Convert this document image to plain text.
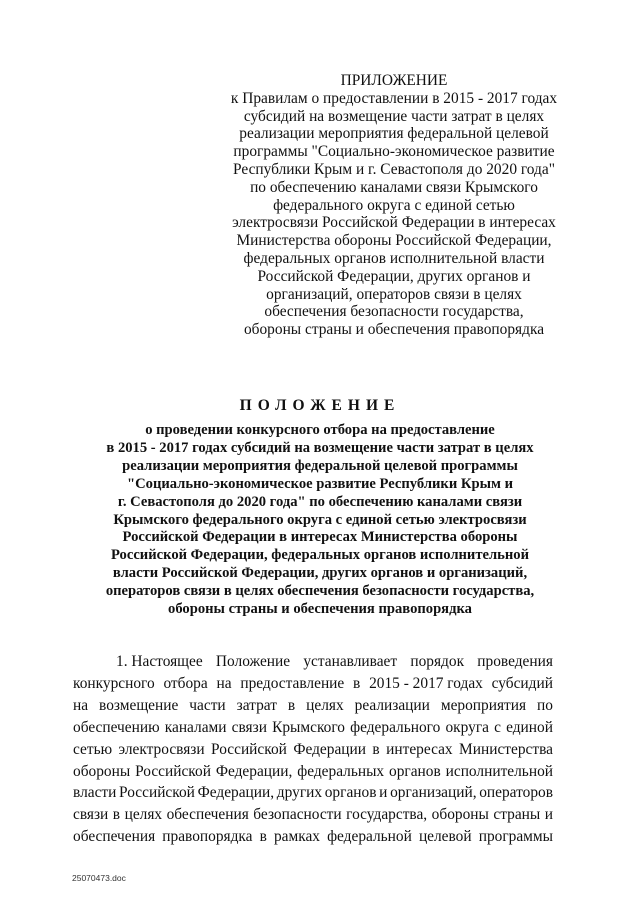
ПРИЛОЖЕНИЕ
к Правилам о предоставлении в 2015 - 2017 годах
субсидий на возмещение части затрат в целях
реализации мероприятия федеральной целевой
программы "Социально-экономическое развитие
Республики Крым и г. Севастополя до 2020 года"
по обеспечению каналами связи Крымского
федерального округа с единой сетью
электросвязи Российской Федерации в интересах
Министерства обороны Российской Федерации,
федеральных органов исполнительной власти
Российской Федерации, других органов и
организаций, операторов связи в целях
обеспечения безопасности государства,
обороны страны и обеспечения правопорядка
ПОЛОЖЕНИЕ
о проведении конкурсного отбора на предоставление
в 2015 - 2017 годах субсидий на возмещение части затрат в целях
реализации мероприятия федеральной целевой программы
"Социально-экономическое развитие Республики Крым и
г. Севастополя до 2020 года" по обеспечению каналами связи
Крымского федерального округа с единой сетью электросвязи
Российской Федерации в интересах Министерства обороны
Российской Федерации, федеральных органов исполнительной
власти Российской Федерации, других органов и организаций,
операторов связи в целях обеспечения безопасности государства,
обороны страны и обеспечения правопорядка
1. Настоящее Положение устанавливает порядок проведения
конкурсного отбора на предоставление в 2015 - 2017 годах субсидий
на возмещение части затрат в целях реализации мероприятия по
обеспечению каналами связи Крымского федерального округа с единой
сетью электросвязи Российской Федерации в интересах Министерства
обороны Российской Федерации, федеральных органов исполнительной
власти Российской Федерации, других органов и организаций, операторов
связи в целях обеспечения безопасности государства, обороны страны и
обеспечения правопорядка в рамках федеральной целевой программы
25070473.doc
